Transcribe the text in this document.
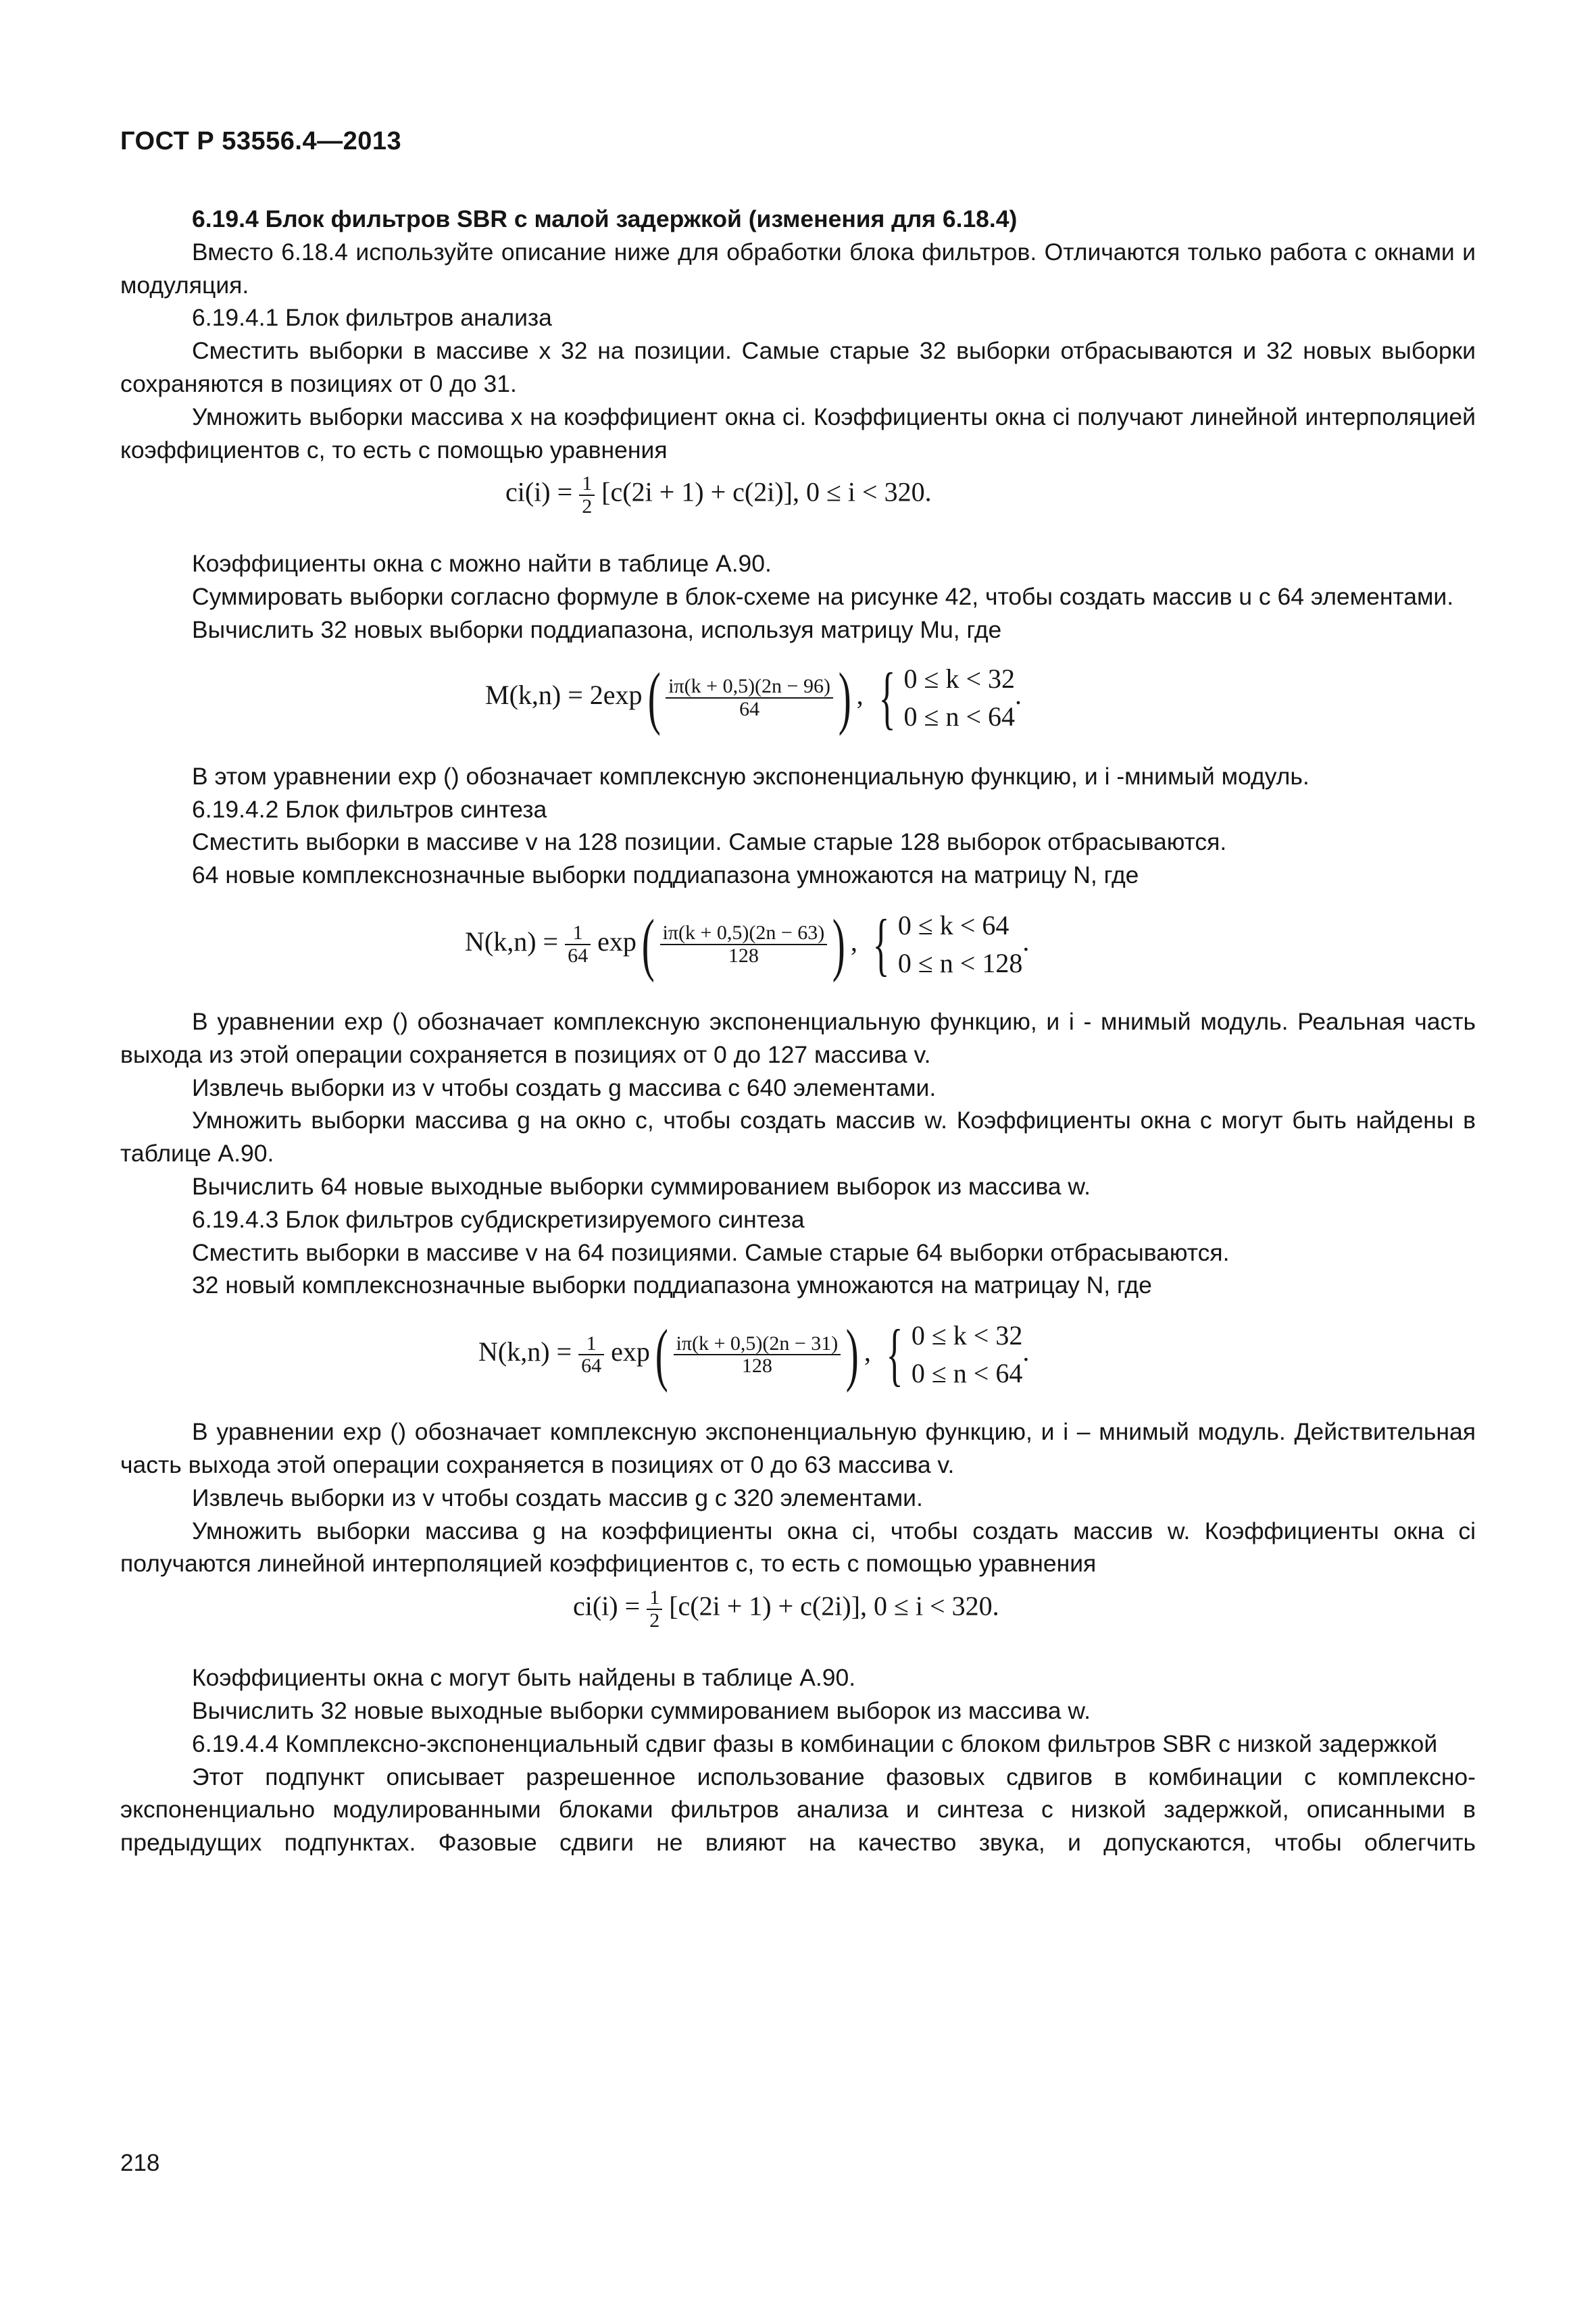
ГОСТ Р 53556.4—2013

6.19.4 Блок фильтров SBR с малой задержкой (изменения для 6.18.4)

Вместо 6.18.4 используйте описание ниже для обработки блока фильтров. Отличаются только работа с окнами и модуляция.

6.19.4.1 Блок фильтров анализа

Сместить выборки в массиве x 32 на позиции. Самые старые 32 выборки отбрасываются и 32 новых выборки сохраняются в позициях от 0 до 31.

Умножить выборки массива x на коэффициент окна ci. Коэффициенты окна ci получают линейной интерполяцией коэффициентов c, то есть с помощью уравнения

$ci(i) = \frac{1}{2} [c(2i + 1) + c(2i)]$, 0 ≤ i < 320.

Коэффициенты окна c можно найти в таблице А.90.

Суммировать выборки согласно формуле в блок-схеме на рисунке 42, чтобы создать массив u с 64 элементами.

Вычислить 32 новых выборки поддиапазона, используя матрицу Mu, где

$M(k,n) = 2\exp( \frac{i\pi(k + 0,5)(2n - 96)}{64}$ ) , { 0 ≤ k < 32
0 ≤ n < 64
.

В этом уравнении exp () обозначает комплексную экспоненциальную функцию, и i -мнимый модуль.

6.19.4.2 Блок фильтров синтеза

Сместить выборки в массиве v на 128 позиции. Самые старые 128 выборок отбрасываются.

64 новые комплекснозначные выборки поддиапазона умножаются на матрицу N, где

$N(k,n) = \frac{1}{64} \exp( \frac{i\pi(k + 0,5)(2n - 63)}{128}$ ) , { 0 ≤ k < 64
0 ≤ n < 128
.

В уравнении exp () обозначает комплексную экспоненциальную функцию, и i - мнимый модуль. Реальная часть выхода из этой операции сохраняется в позициях от 0 до 127 массива v.

Извлечь выборки из v чтобы создать g массива с 640 элементами.

Умножить выборки массива g на окно c, чтобы создать массив w. Коэффициенты окна c могут быть найдены в таблице А.90.

Вычислить 64 новые выходные выборки суммированием выборок из массива w.

6.19.4.3 Блок фильтров субдискретизируемого синтеза

Сместить выборки в массиве v на 64 позициями. Самые старые 64 выборки отбрасываются.

32 новый комплекснозначные выборки поддиапазона умножаются на матрицау N, где

$N(k,n) = \frac{1}{64} \exp( \frac{i\pi(k + 0,5)(2n - 31)}{128}$ ) , { 0 ≤ k < 32
0 ≤ n < 64
.

В уравнении exp () обозначает комплексную экспоненциальную функцию, и i – мнимый модуль. Действительная часть выхода этой операции сохраняется в позициях от 0 до 63 массива v.

Извлечь выборки из v чтобы создать массив g с 320 элементами.

Умножить выборки массива g на коэффициенты окна ci, чтобы создать массив w. Коэффициенты окна ci получаются линейной интерполяцией коэффициентов c, то есть с помощью уравнения

$ci(i) = \frac{1}{2} [c(2i + 1) + c(2i)]$, 0 ≤ i < 320.

Коэффициенты окна c могут быть найдены в таблице А.90.

Вычислить 32 новые выходные выборки суммированием выборок из массива w.

6.19.4.4 Комплексно-экспоненциальный сдвиг фазы в комбинации с блоком фильтров SBR с низкой задержкой

Этот подпункт описывает разрешенное использование фазовых сдвигов в комбинации с комплексно-экспоненциально модулированными блоками фильтров анализа и синтеза с низкой задержкой, описанными в предыдущих подпунктах. Фазовые сдвиги не влияют на качество звука, и допускаются, чтобы облегчить

218
